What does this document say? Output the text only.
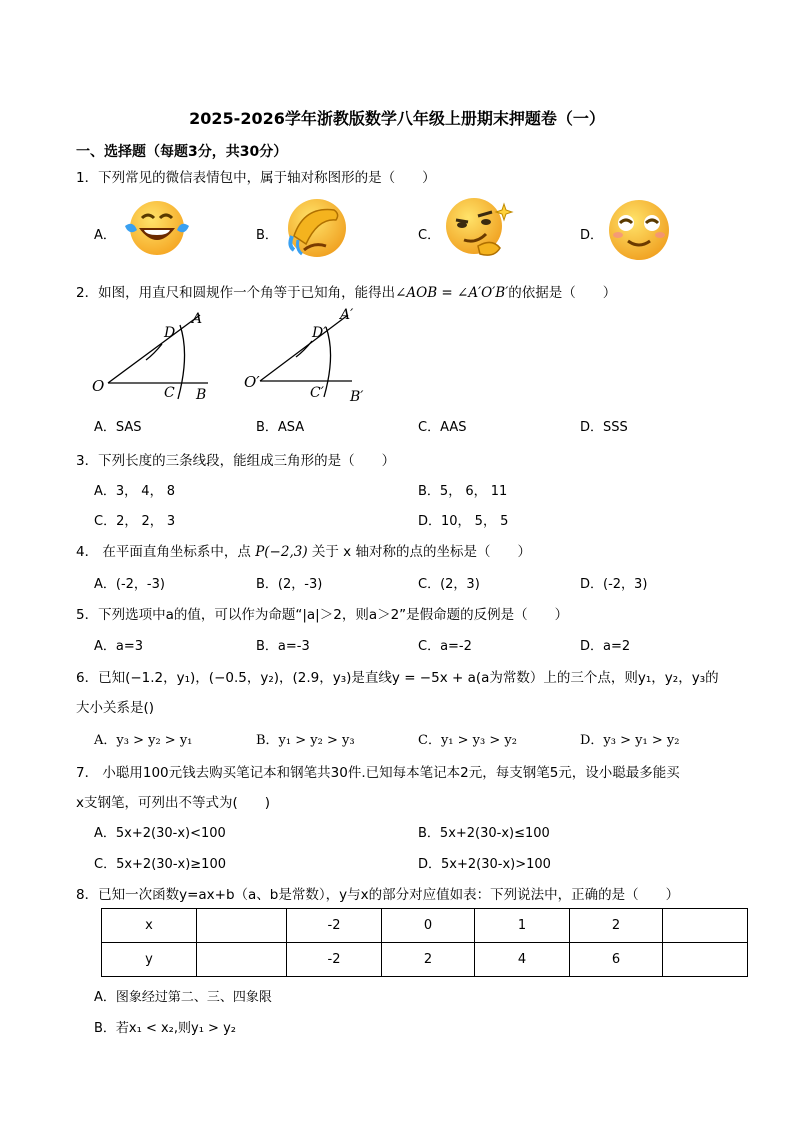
2025-2026学年浙教版数学八年级上册期末押题卷（一）
一、选择题（每题3分，共30分）
1．下列常见的微信表情包中，属于轴对称图形的是（　　）
A．	B．	C．	D．
2．如图，用直尺和圆规作一个角等于已知角，能得出∠AOB = ∠A′O′B′的依据是（　　）
O
A
B
C
D
O′
A′
B′
C′
D′
A．SAS	B．ASA	C．AAS	D．SSS
3．下列长度的三条线段，能组成三角形的是（　　）
A．3， 4， 8	B．5， 6， 11
C．2， 2， 3	D．10， 5， 5
4． 在平面直角坐标系中，点 P(−2,3) 关于 x 轴对称的点的坐标是（　　）
A．(-2，-3)	B．(2，-3)	C．(2，3)	D．(-2，3)
5．下列选项中a的值，可以作为命题“|a|＞2，则a＞2”是假命题的反例是（　　）
A．a=3	B．a=-3	C．a=-2	D．a=2
6．已知(−1.2，y₁)，(−0.5，y₂)，(2.9，y₃)是直线y = −5x + a(a为常数）上的三个点，则y₁，y₂，y₃的
大小关系是()
A．y₃ > y₂ > y₁	B．y₁ > y₂ > y₃	C．y₁ > y₃ > y₂	D．y₃ > y₁ > y₂
7． 小聪用100元钱去购买笔记本和钢笔共30件.已知每本笔记本2元，每支钢笔5元，设小聪最多能买
x支钢笔，可列出不等式为(　　)
A．5x+2(30-x)<100	B．5x+2(30-x)≤100
C．5x+2(30-x)≥100	D．5x+2(30-x)>100
8．已知一次函数y=ax+b（a、b是常数），y与x的部分对应值如表：下列说法中，正确的是（　　）
x		-2	0	1	2	
y		-2	2	4	6	
A．图象经过第二、三、四象限
B．若x₁ < x₂,则y₁ > y₂
